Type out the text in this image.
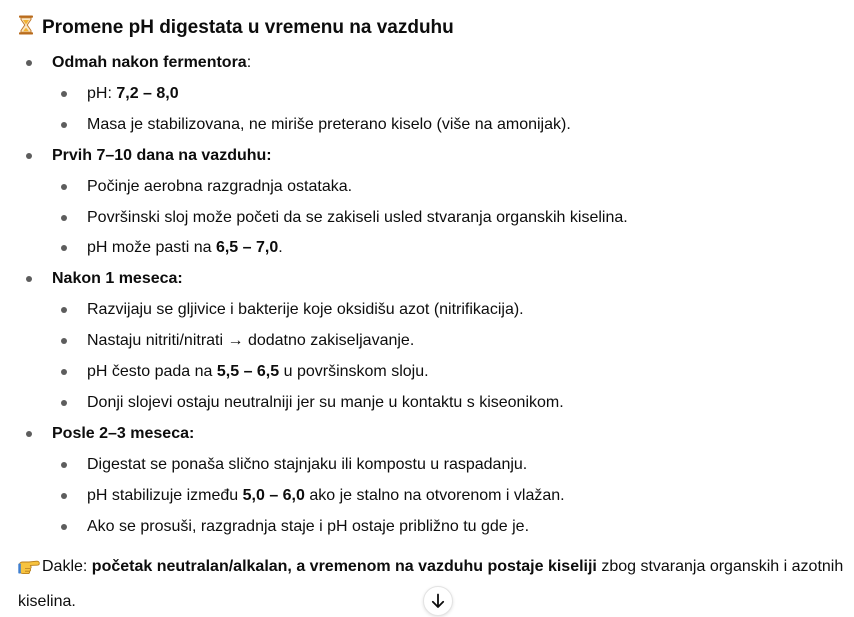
Promene pH digestata u vremenu na vazduhu
Odmah nakon fermentora:
pH: 7,2 – 8,0
Masa je stabilizovana, ne miriše preterano kiselo (više na amonijak).
Prvih 7–10 dana na vazduhu:
Počinje aerobna razgradnja ostataka.
Površinski sloj može početi da se zakiseli usled stvaranja organskih kiselina.
pH može pasti na 6,5 – 7,0.
Nakon 1 meseca:
Razvijaju se gljivice i bakterije koje oksidišu azot (nitrifikacija).
Nastaju nitriti/nitrati → dodatno zakiseljavanje.
pH često pada na 5,5 – 6,5 u površinskom sloju.
Donji slojevi ostaju neutralniji jer su manje u kontaktu s kiseonikom.
Posle 2–3 meseca:
Digestat se ponaša slično stajnjaku ili kompostu u raspadanju.
pH stabilizuje između 5,0 – 6,0 ako je stalno na otvorenom i vlažan.
Ako se prosuši, razgradnja staje i pH ostaje približno tu gde je.

Dakle: početak neutralan/alkalan, a vremenom na vazduhu postaje kiseliji zbog stvaranja organskih i azotnih kiselina.
